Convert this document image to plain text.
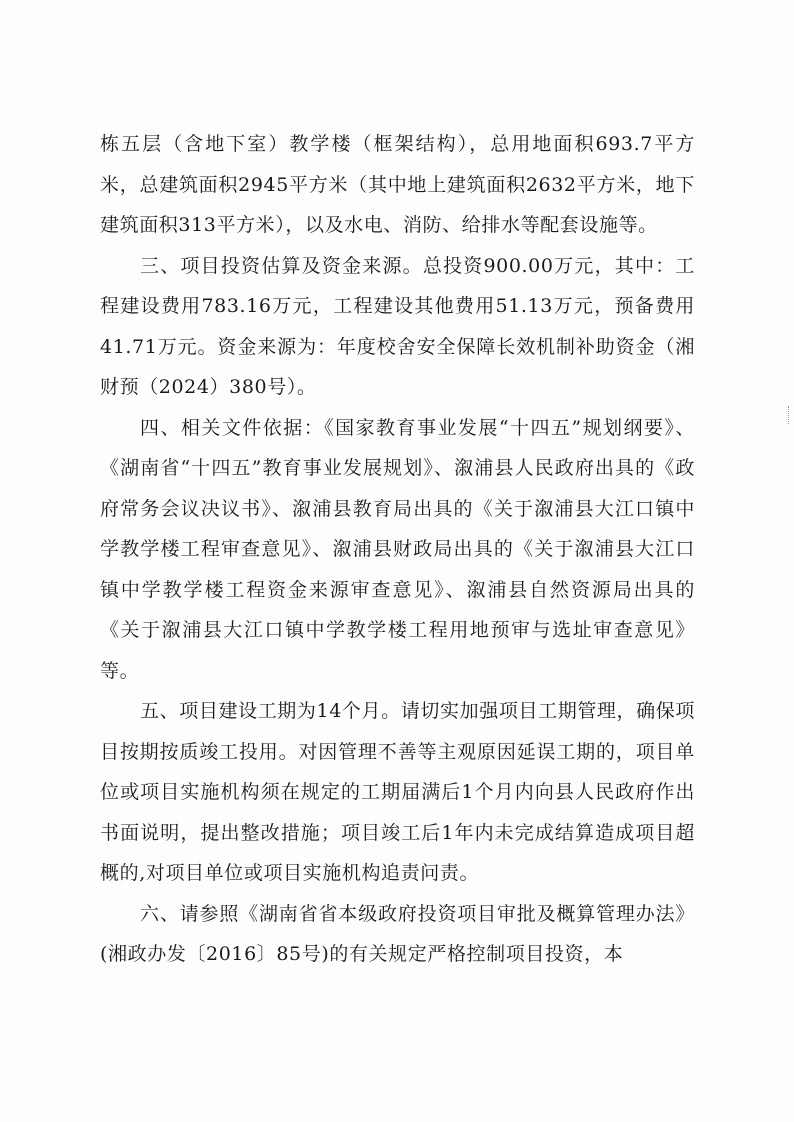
栋五层（含地下室）教学楼（框架结构），总用地面积693.7平方米，总建筑面积2945平方米（其中地上建筑面积2632平方米，地下建筑面积313平方米），以及水电、消防、给排水等配套设施等。

三、项目投资估算及资金来源。总投资900.00万元，其中：工程建设费用783.16万元，工程建设其他费用51.13万元，预备费用41.71万元。资金来源为：年度校舍安全保障长效机制补助资金（湘财预（2024）380号）。

四、相关文件依据：《国家教育事业发展“十四五”规划纲要》、《湖南省“十四五”教育事业发展规划》、溆浦县人民政府出具的《政府常务会议决议书》、溆浦县教育局出具的《关于溆浦县大江口镇中学教学楼工程审查意见》、溆浦县财政局出具的《关于溆浦县大江口镇中学教学楼工程资金来源审查意见》、溆浦县自然资源局出具的《关于溆浦县大江口镇中学教学楼工程用地预审与选址审查意见》等。

五、项目建设工期为14个月。请切实加强项目工期管理，确保项目按期按质竣工投用。对因管理不善等主观原因延误工期的，项目单位或项目实施机构须在规定的工期届满后1个月内向县人民政府作出书面说明，提出整改措施；项目竣工后1年内未完成结算造成项目超概的,对项目单位或项目实施机构追责问责。

六、请参照《湖南省省本级政府投资项目审批及概算管理办法》(湘政办发〔2016〕85号)的有关规定严格控制项目投资，本
